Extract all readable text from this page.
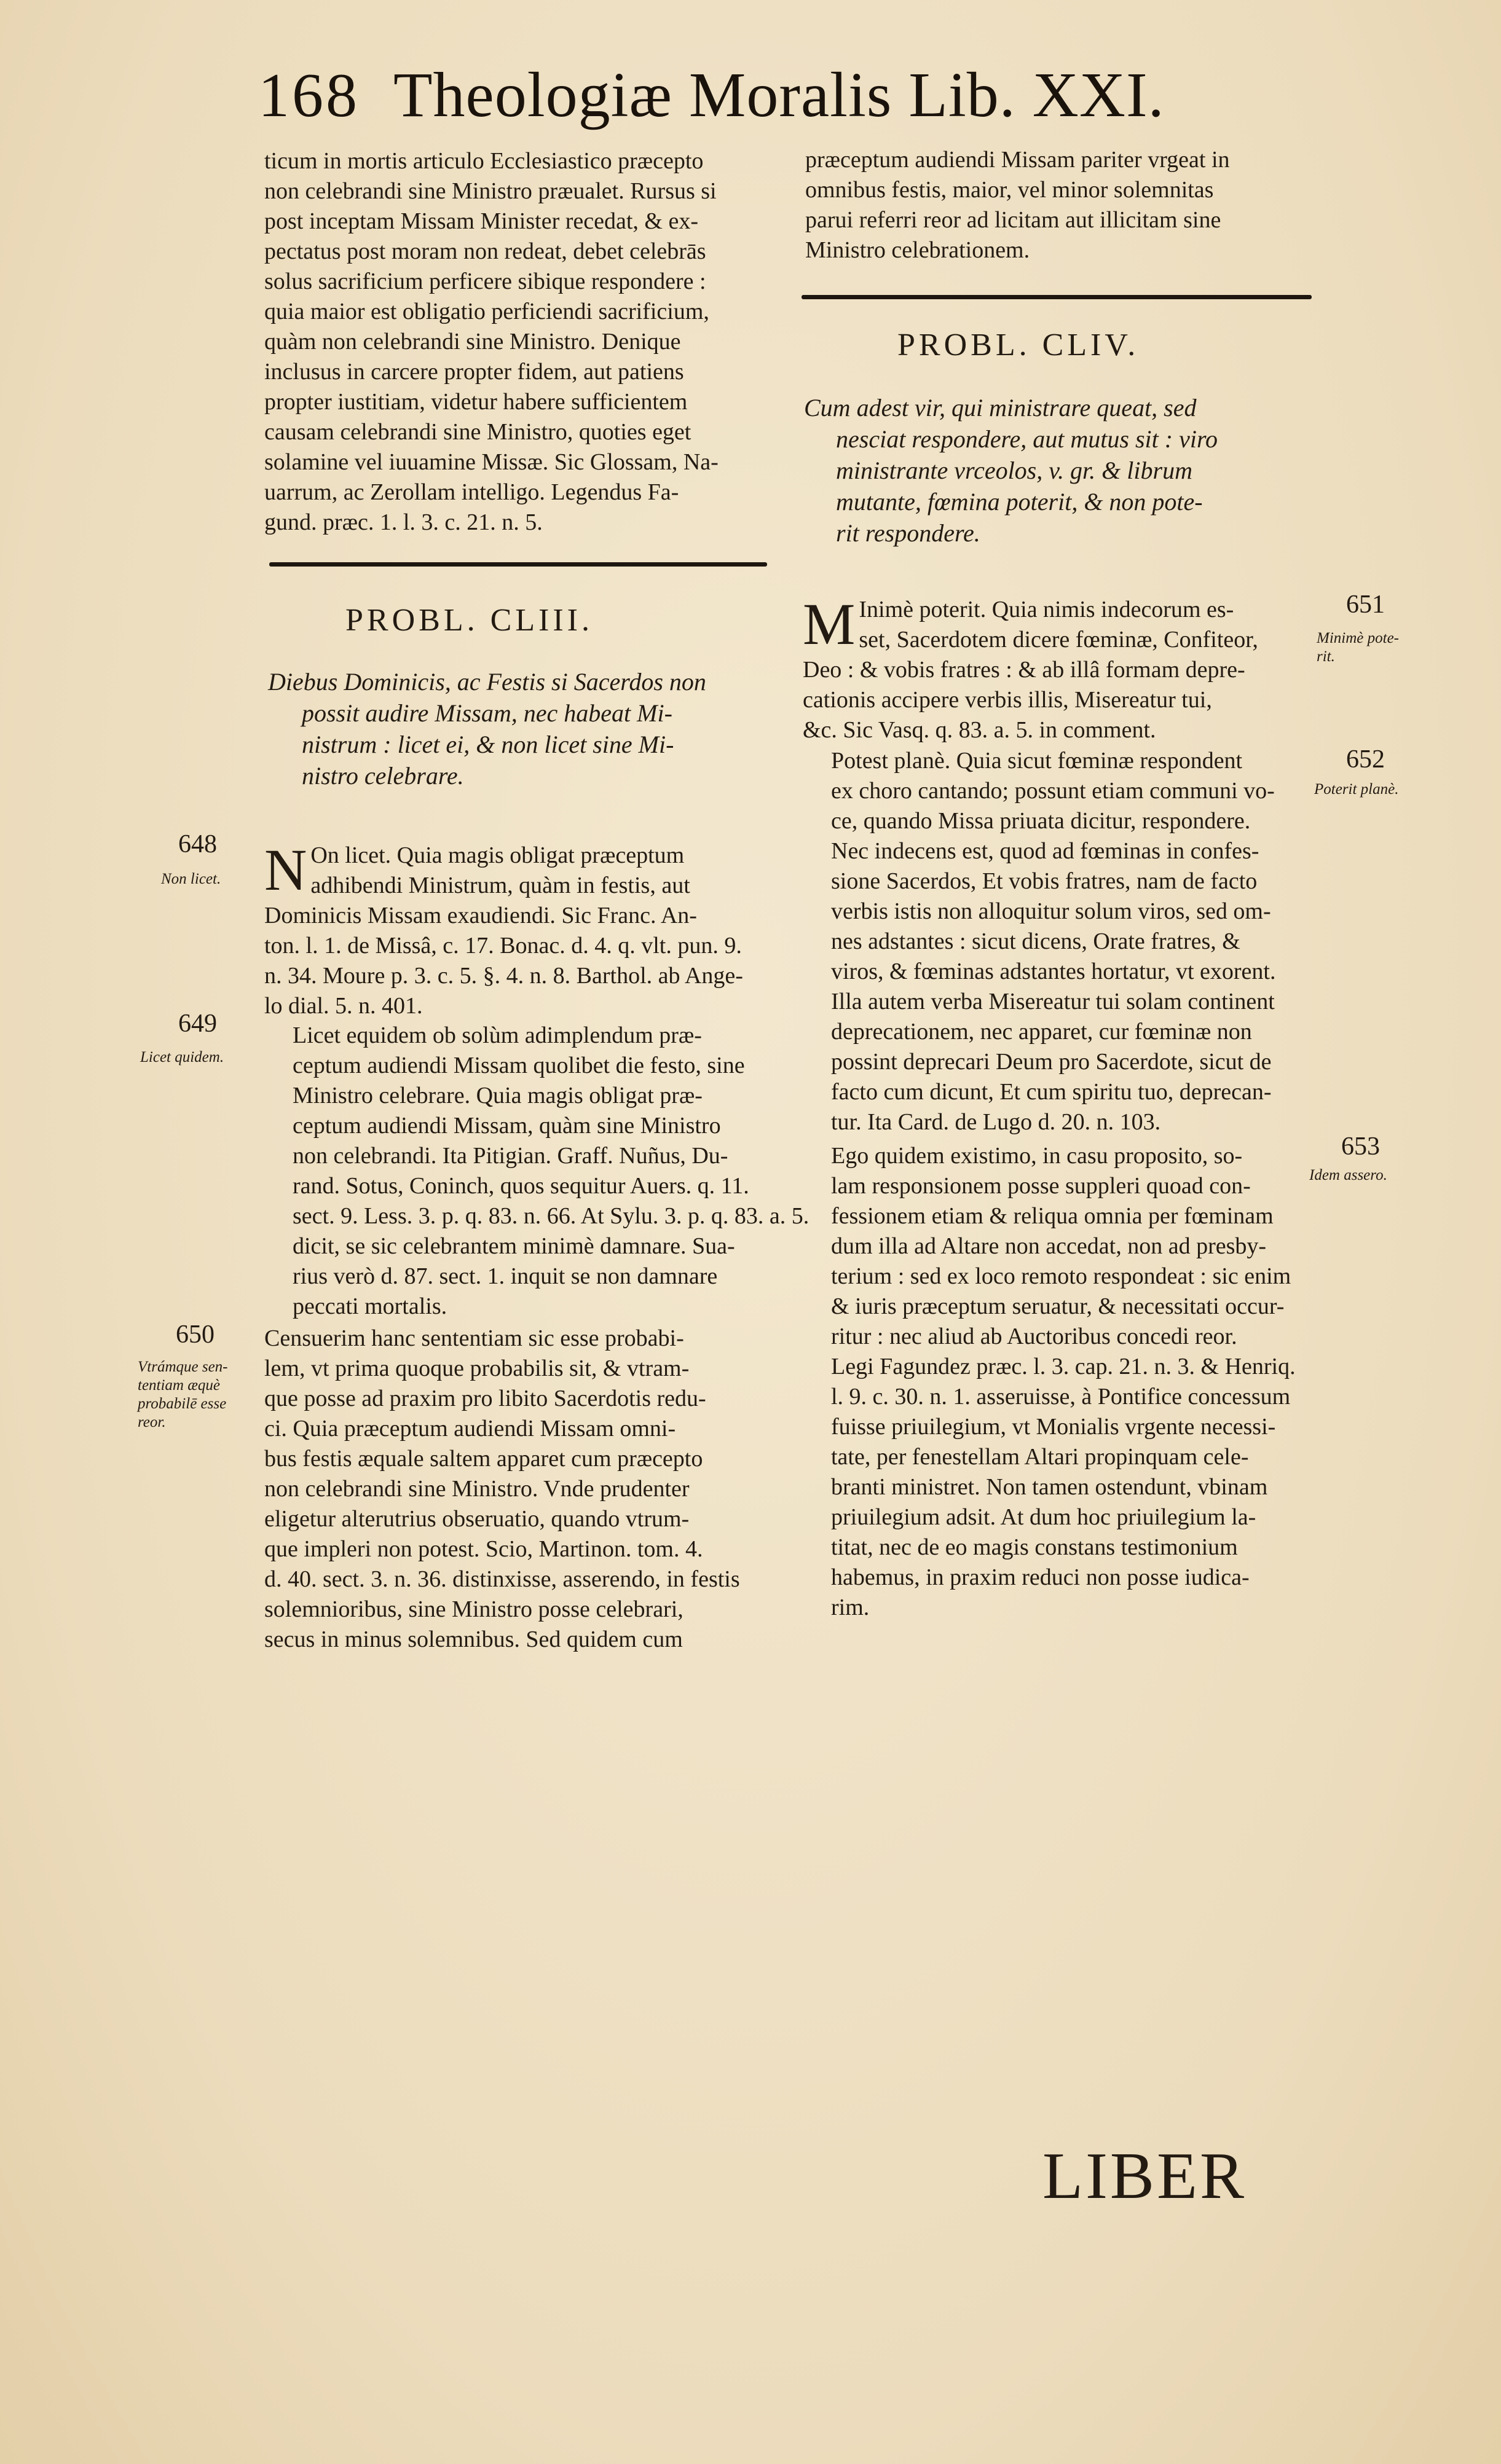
168 Theologiæ Moralis Lib. XXI.
ticum in mortis articulo Ecclesiastico præcepto
non celebrandi sine Ministro præualet. Rursus si
post inceptam Missam Minister recedat, & ex-
pectatus post moram non redeat, debet celebrās
solus sacrificium perficere sibique respondere :
quia maior est obligatio perficiendi sacrificium,
quàm non celebrandi sine Ministro. Denique
inclusus in carcere propter fidem, aut patiens
propter iustitiam, videtur habere sufficientem
causam celebrandi sine Ministro, quoties eget
solamine vel iuuamine Missæ. Sic Glossam, Na-
uarrum, ac Zerollam intelligo. Legendus Fa-
gund. præc. 1. l. 3. c. 21. n. 5.
PROBL. CLIII.
Diebus Dominicis, ac Festis si Sacerdos non
possit audire Missam, nec habeat Mi-
nistrum : licet ei, & non licet sine Mi-
nistro celebrare.
N On licet. Quia magis obligat præceptum
adhibendi Ministrum, quàm in festis, aut
Dominicis Missam exaudiendi. Sic Franc. An-
ton. l. 1. de Missâ, c. 17. Bonac. d. 4. q. vlt. pun. 9.
n. 34. Moure p. 3. c. 5. §. 4. n. 8. Barthol. ab Ange-
lo dial. 5. n. 401.
Licet equidem ob solùm adimplendum præ-
ceptum audiendi Missam quolibet die festo, sine
Ministro celebrare. Quia magis obligat præ-
ceptum audiendi Missam, quàm sine Ministro
non celebrandi. Ita Pitigian. Graff. Nuñus, Du-
rand. Sotus, Coninch, quos sequitur Auers. q. 11.
sect. 9. Less. 3. p. q. 83. n. 66. At Sylu. 3. p. q. 83. a. 5.
dicit, se sic celebrantem minimè damnare. Sua-
rius verò d. 87. sect. 1. inquit se non damnare
peccati mortalis.
Censuerim hanc sententiam sic esse probabi-
lem, vt prima quoque probabilis sit, & vtram-
que posse ad praxim pro libito Sacerdotis redu-
ci. Quia præceptum audiendi Missam omni-
bus festis æquale saltem apparet cum præcepto
non celebrandi sine Ministro. Vnde prudenter
eligetur alterutrius obseruatio, quando vtrum-
que impleri non potest. Scio, Martinon. tom. 4.
d. 40. sect. 3. n. 36. distinxisse, asserendo, in festis
solemnioribus, sine Ministro posse celebrari,
secus in minus solemnibus. Sed quidem cum
648
Non licet.
649
Licet quidem.
650
Vtrámque sen-
tentiam æquè
probabilē esse
reor.
præceptum audiendi Missam pariter vrgeat in
omnibus festis, maior, vel minor solemnitas
parui referri reor ad licitam aut illicitam sine
Ministro celebrationem.
PROBL. CLIV.
Cum adest vir, qui ministrare queat, sed
nesciat respondere, aut mutus sit : viro
ministrante vrceolos, v. gr. & librum
mutante, fœmina poterit, & non pote-
rit respondere.
M Inimè poterit. Quia nimis indecorum es-
set, Sacerdotem dicere fœminæ, Confiteor,
Deo : & vobis fratres : & ab illâ formam depre-
cationis accipere verbis illis, Misereatur tui,
&c. Sic Vasq. q. 83. a. 5. in comment.
Potest planè. Quia sicut fœminæ respondent
ex choro cantando; possunt etiam communi vo-
ce, quando Missa priuata dicitur, respondere.
Nec indecens est, quod ad fœminas in confes-
sione Sacerdos, Et vobis fratres, nam de facto
verbis istis non alloquitur solum viros, sed om-
nes adstantes : sicut dicens, Orate fratres, &
viros, & fœminas adstantes hortatur, vt exorent.
Illa autem verba Misereatur tui solam continent
deprecationem, nec apparet, cur fœminæ non
possint deprecari Deum pro Sacerdote, sicut de
facto cum dicunt, Et cum spiritu tuo, deprecan-
tur. Ita Card. de Lugo d. 20. n. 103.
Ego quidem existimo, in casu proposito, so-
lam responsionem posse suppleri quoad con-
fessionem etiam & reliqua omnia per fœminam
dum illa ad Altare non accedat, non ad presby-
terium : sed ex loco remoto respondeat : sic enim
& iuris præceptum seruatur, & necessitati occur-
ritur : nec aliud ab Auctoribus concedi reor.
Legi Fagundez præc. l. 3. cap. 21. n. 3. & Henriq.
l. 9. c. 30. n. 1. asseruisse, à Pontifice concessum
fuisse priuilegium, vt Monialis vrgente necessi-
tate, per fenestellam Altari propinquam cele-
branti ministret. Non tamen ostendunt, vbinam
priuilegium adsit. At dum hoc priuilegium la-
titat, nec de eo magis constans testimonium
habemus, in praxim reduci non posse iudica-
rim.
651
Minimè pote-
rit.
652
Poterit planè.
653
Idem assero.
LIBER
